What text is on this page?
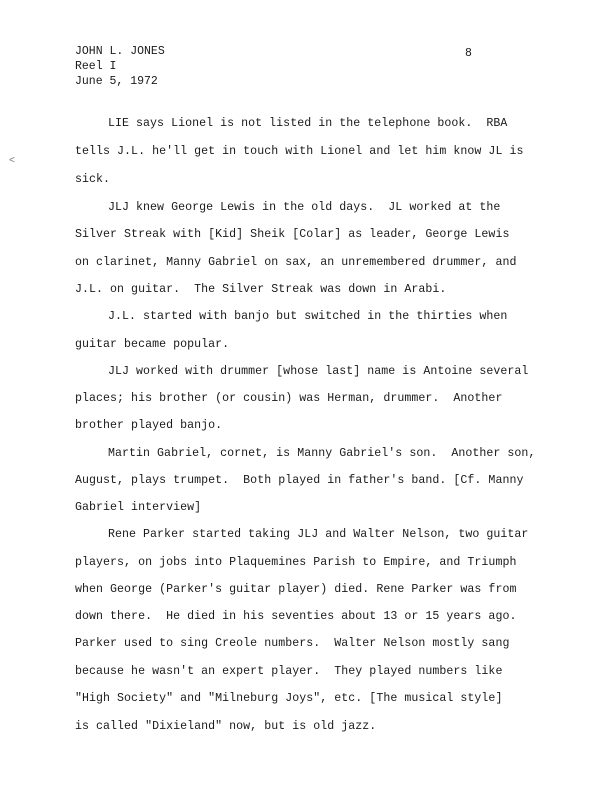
JOHN L. JONES
Reel I
June 5, 1972
8
˂
LIE says Lionel is not listed in the telephone book.  RBA
tells J.L. he'll get in touch with Lionel and let him know JL is
sick.
JLJ knew George Lewis in the old days.  JL worked at the
Silver Streak with [Kid] Sheik [Colar] as leader, George Lewis
on clarinet, Manny Gabriel on sax, an unremembered drummer, and
J.L. on guitar.  The Silver Streak was down in Arabi.
J.L. started with banjo but switched in the thirties when
guitar became popular.
JLJ worked with drummer [whose last] name is Antoine several
places; his brother (or cousin) was Herman, drummer.  Another
brother played banjo.
Martin Gabriel, cornet, is Manny Gabriel's son.  Another son,
August, plays trumpet.  Both played in father's band. [Cf. Manny
Gabriel interview]
Rene Parker started taking JLJ and Walter Nelson, two guitar
players, on jobs into Plaquemines Parish to Empire, and Triumph
when George (Parker's guitar player) died. Rene Parker was from
down there.  He died in his seventies about 13 or 15 years ago.
Parker used to sing Creole numbers.  Walter Nelson mostly sang
because he wasn't an expert player.  They played numbers like
"High Society" and "Milneburg Joys", etc. [The musical style]
is called "Dixieland" now, but is old jazz.
